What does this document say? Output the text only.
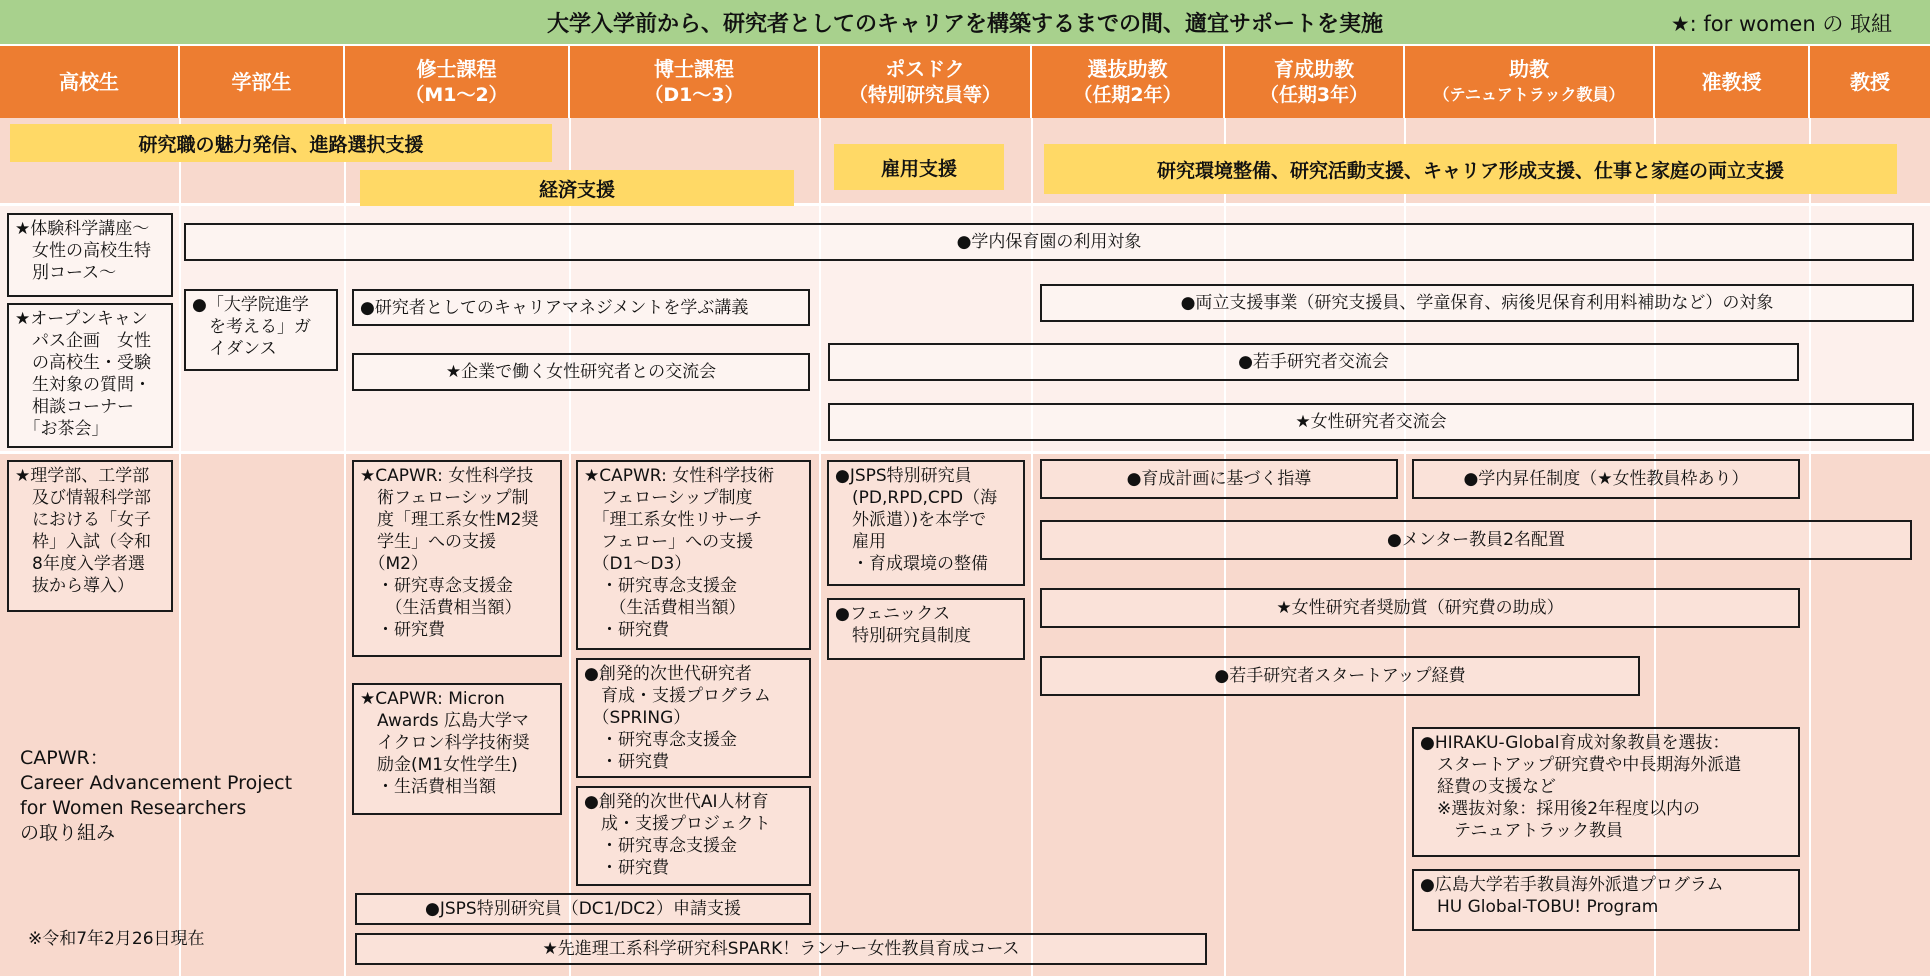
大学入学前から、研究者としてのキャリアを構築するまでの間、適宜サポートを実施	★: for women の 取組
高校生	学部生
修士課程
（M1～2）
博士課程
（D1～3）
ポスドク
（特別研究員等）
選抜助教
（任期2年）
育成助教
（任期3年）
助教
（テニュアトラック教員）
准教授	教授
研究職の魅力発信、進路選択支援
経済支援
雇用支援	研究環境整備、研究活動支援、キャリア形成支援、仕事と家庭の両立支援
★体験科学講座～
　女性の高校生特
　別コース～
★オープンキャン
　パス企画　女性
　の高校生・受験
　生対象の質問・
　相談コーナー
　「お茶会」
●学内保育園の利用対象
●「大学院進学
　を考える」ガ
　イダンス
●研究者としてのキャリアマネジメントを学ぶ講義	●両立支援事業（研究支援員、学童保育、病後児保育利用料補助など）の対象
★企業で働く女性研究者との交流会	●若手研究者交流会
★女性研究者交流会
★理学部、工学部
　及び情報科学部
　における「女子
　枠」入試（令和
　8年度入学者選
　抜から導入）
★CAPWR: 女性科学技
　術フェローシップ制
　度「理工系女性M2奨
　学生」への支援
　（M2）
　・研究専念支援金
　　（生活費相当額）
　・研究費
★CAPWR: 女性科学技術
　フェローシップ制度
　「理工系女性リサーチ
　フェロー」への支援
　（D1～D3）
　・研究専念支援金
　　（生活費相当額）
　・研究費
●JSPS特別研究員
　(PD,RPD,CPD（海
　外派遣）)を本学で
　雇用
　・育成環境の整備
●フェニックス
　特別研究員制度
●育成計画に基づく指導	●学内昇任制度（★女性教員枠あり）
●メンター教員2名配置
★女性研究者奨励賞（研究費の助成）
●若手研究者スタートアップ経費
★CAPWR: Micron
　Awards 広島大学マ
　イクロン科学技術奨
　励金(M1女性学生)
　・生活費相当額
●創発的次世代研究者
　育成・支援プログラム
　（SPRING）
　・研究専念支援金
　・研究費
●創発的次世代AI人材育
　成・支援プロジェクト
　・研究専念支援金
　・研究費
●HIRAKU-Global育成対象教員を選抜：
　スタートアップ研究費や中長期海外派遣
　経費の支援など
　※選抜対象：採用後2年程度以内の
　　テニュアトラック教員
●JSPS特別研究員（DC1/DC2）申請支援
●広島大学若手教員海外派遣プログラム
　HU Global-TOBU! Program
★先進理工系科学研究科SPARK！ランナー女性教員育成コース
CAPWR：
Career Advancement Project
for Women Researchers
の取り組み
※令和7年2月26日現在
